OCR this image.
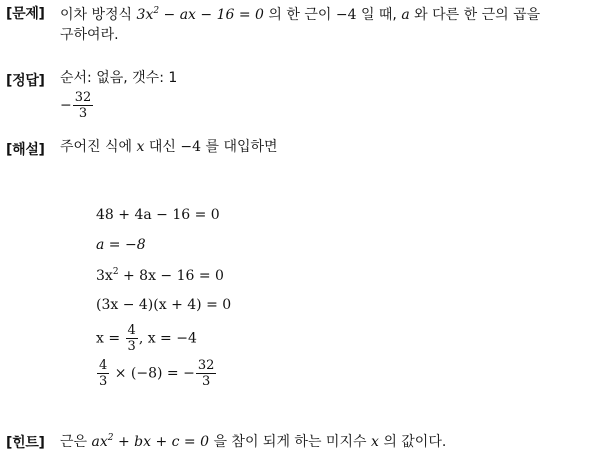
[문제] 이차 방정식 $3x^2$ − ax − 16 = 0 의 한 근이 −4 일 때, a 와 다른 한 근의 곱을
구하여라.
[정답] 순서: 없음, 갯수: 1
− $\frac{32}{3}$
[해설] 주어진 식에 x 대신 −4 를 대입하면
48 + 4a − 16 = 0
a = −8
$3x^2 + 8x - 16 = 0$
(3x − 4)(x + 4) = 0
$x = \frac{4}{3}$ , x = −4
$\frac{4}{3} \times (-8)$ = − $\frac{32}{3}$
[힌트] 근은 $ax^2$ + bx + c = 0 을 참이 되게 하는 미지수 x 의 값이다.
